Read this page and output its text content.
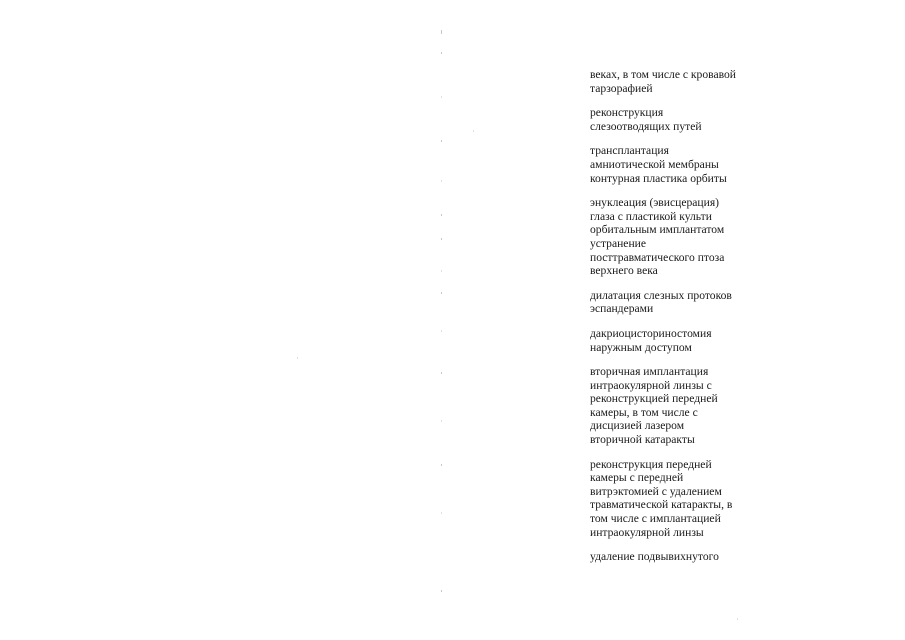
веках, в том числе с кровавой
тарзорафией

реконструкция
слезоотводящих путей

трансплантация
амниотической мембраны
контурная пластика орбиты

энуклеация (эвисцерация)
глаза с пластикой культи
орбитальным имплантатом
устранение
посттравматического птоза
верхнего века

дилатация слезных протоков
эспандерами

дакриоцисториностомия
наружным доступом

вторичная имплантация
интраокулярной линзы с
реконструкцией передней
камеры, в том числе с
дисцизией лазером
вторичной катаракты

реконструкция передней
камеры с передней
витрэктомией с удалением
травматической катаракты, в
том числе с имплантацией
интраокулярной линзы

удаление подвывихнутого
